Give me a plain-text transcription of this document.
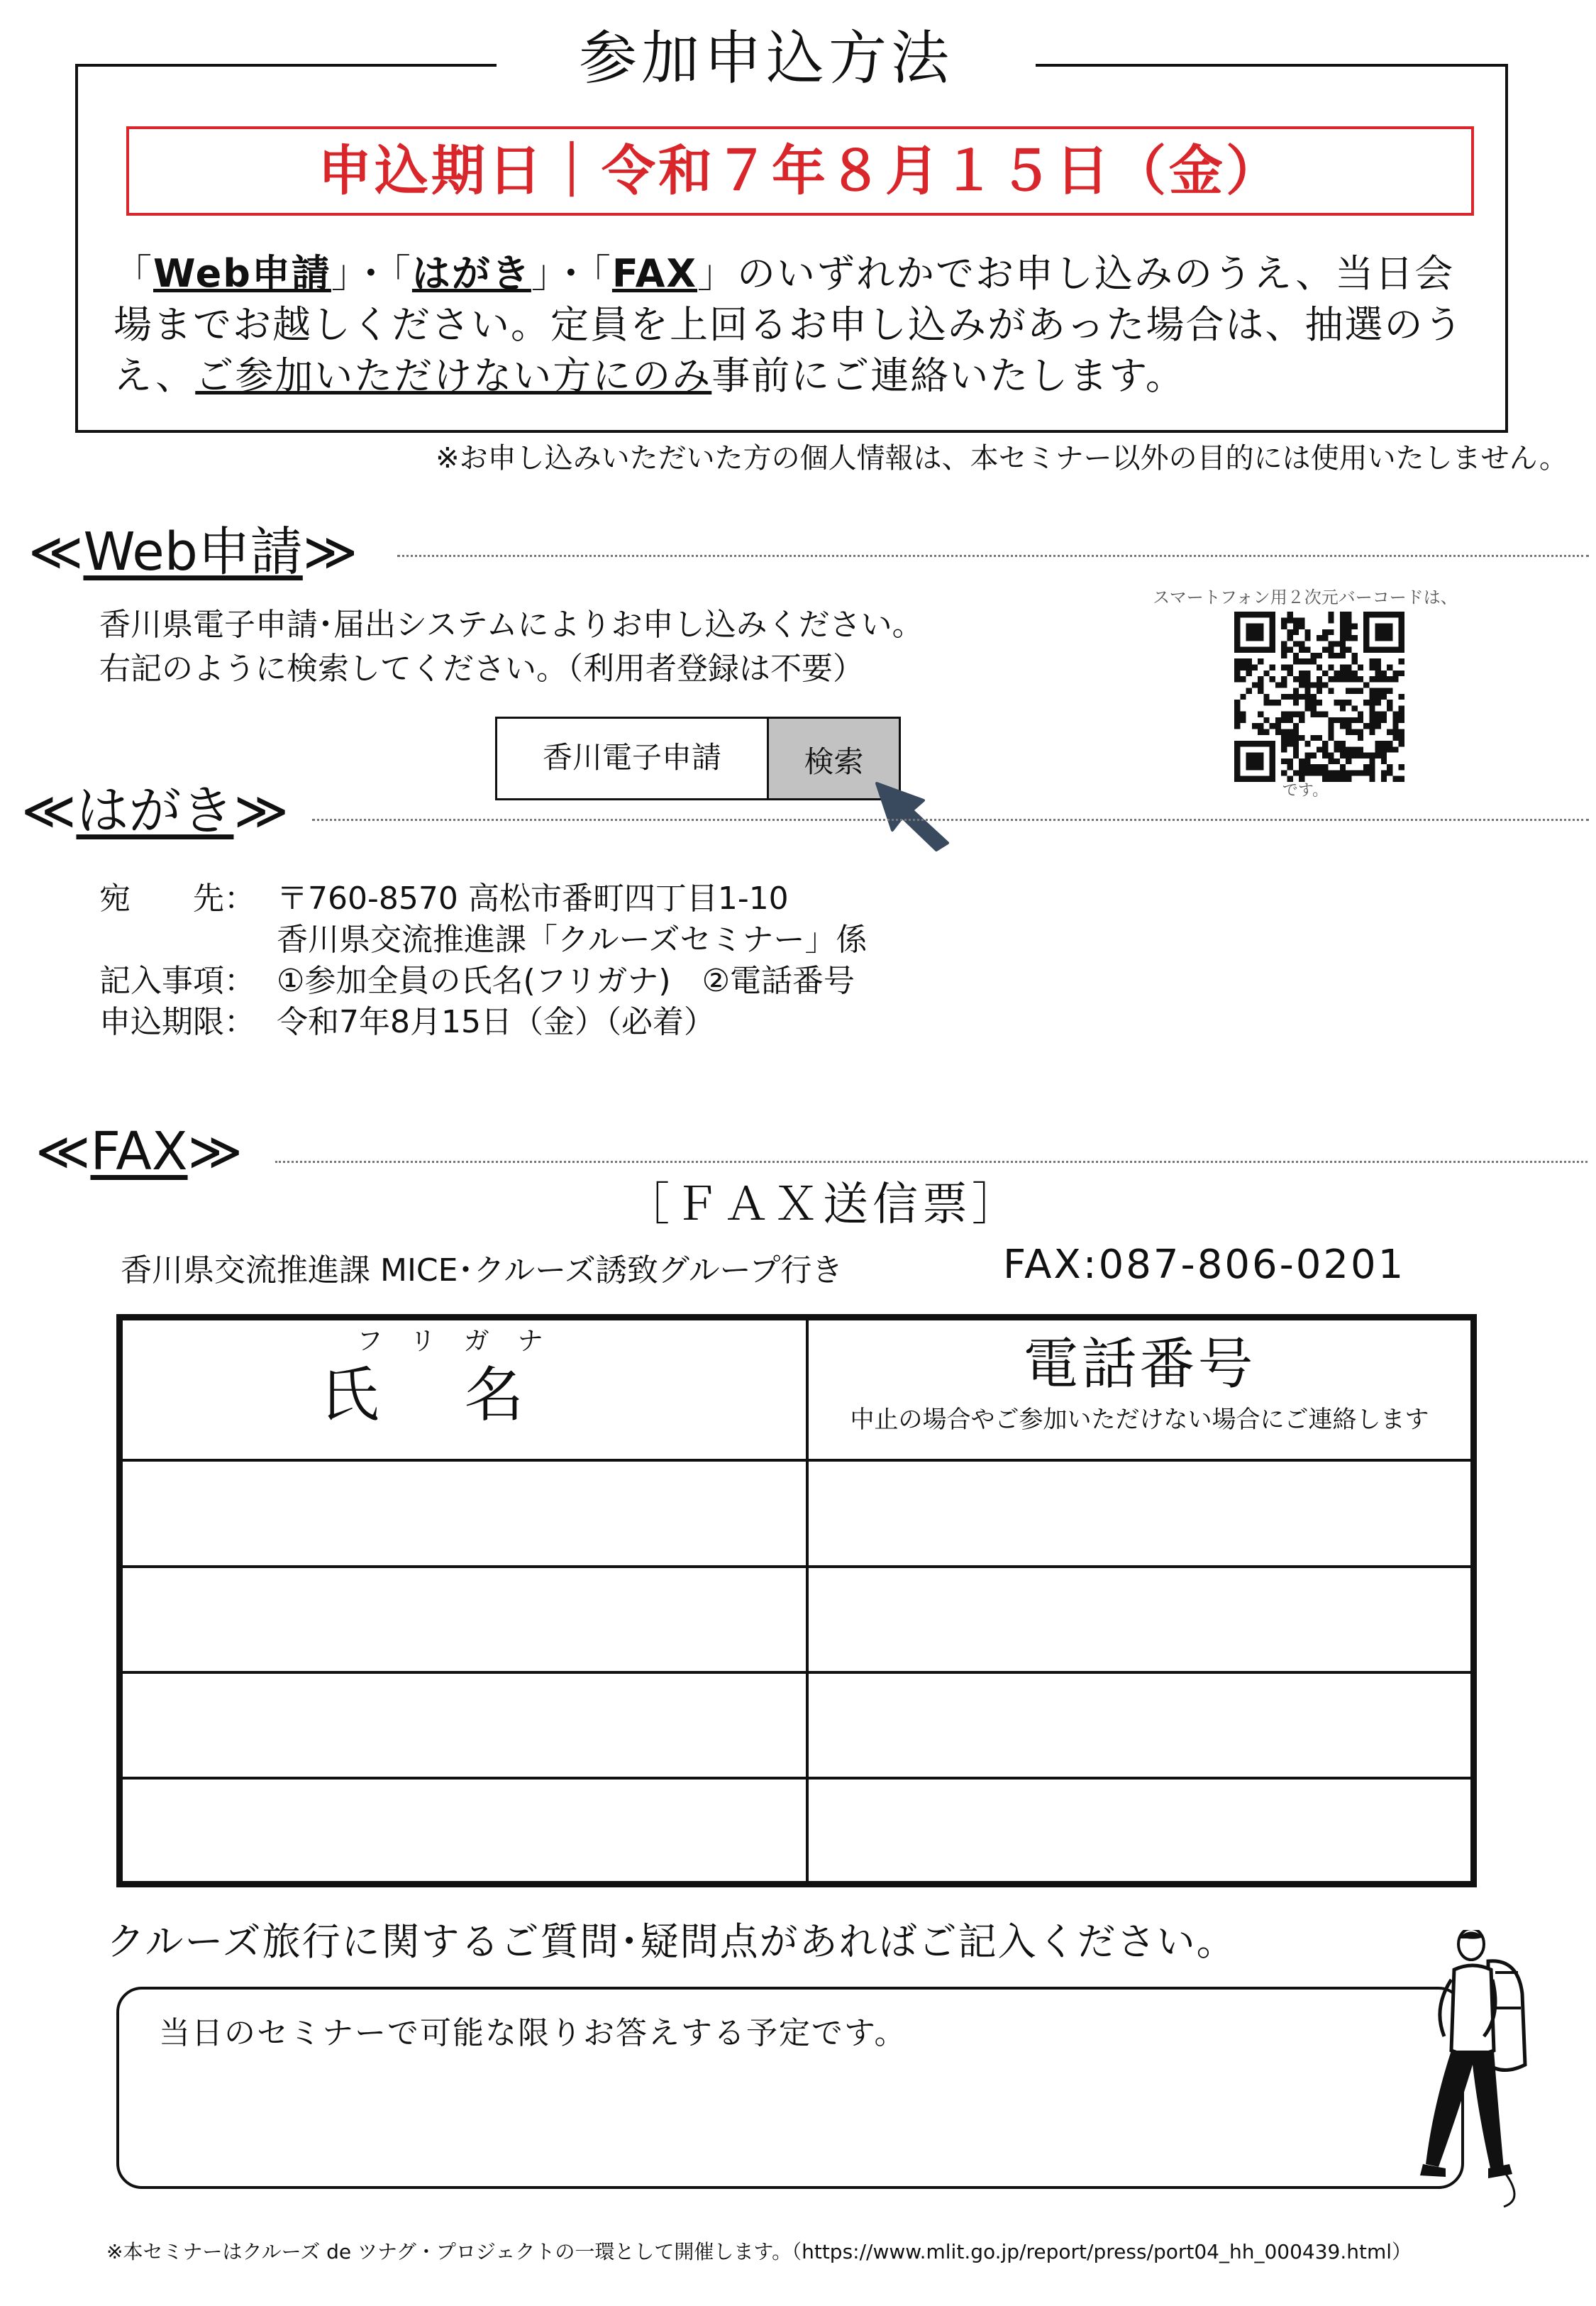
参加申込方法
申込期日｜令和７年８月１５日（金）
「Web申請」・「はがき」・「FAX」のいずれかでお申し込みのうえ、当日会場までお越しください。定員を上回るお申し込みがあった場合は、抽選のうえ、ご参加いただけない方にのみ事前にご連絡いたします。
※お申し込みいただいた方の個人情報は、本セミナー以外の目的には使用いたしません。
≪Web申請≫
香川県電子申請･届出システムによりお申し込みください。
右記のように検索してください。（利用者登録は不要）
香川電子申請	検索
スマートフォン用２次元バーコードは、
です。
≪はがき≫
宛　　先： 〒760-8570 高松市番町四丁目1-10
香川県交流推進課「クルーズセミナー」係
記入事項： ①参加全員の氏名(フリガナ)　②電話番号
申込期限： 令和7年8月15日（金）（必着）
≪FAX≫
［ＦＡＸ送信票］
香川県交流推進課 MICE･クルーズ誘致グループ行き	FAX:087-806-0201
フリガナ
氏名	電話番号
中止の場合やご参加いただけない場合にご連絡します
クルーズ旅行に関するご質問･疑問点があればご記入ください。
当日のセミナーで可能な限りお答えする予定です。
※本セミナーはクルーズ de ツナグ・プロジェクトの一環として開催します。（https://www.mlit.go.jp/report/press/port04_hh_000439.html）
